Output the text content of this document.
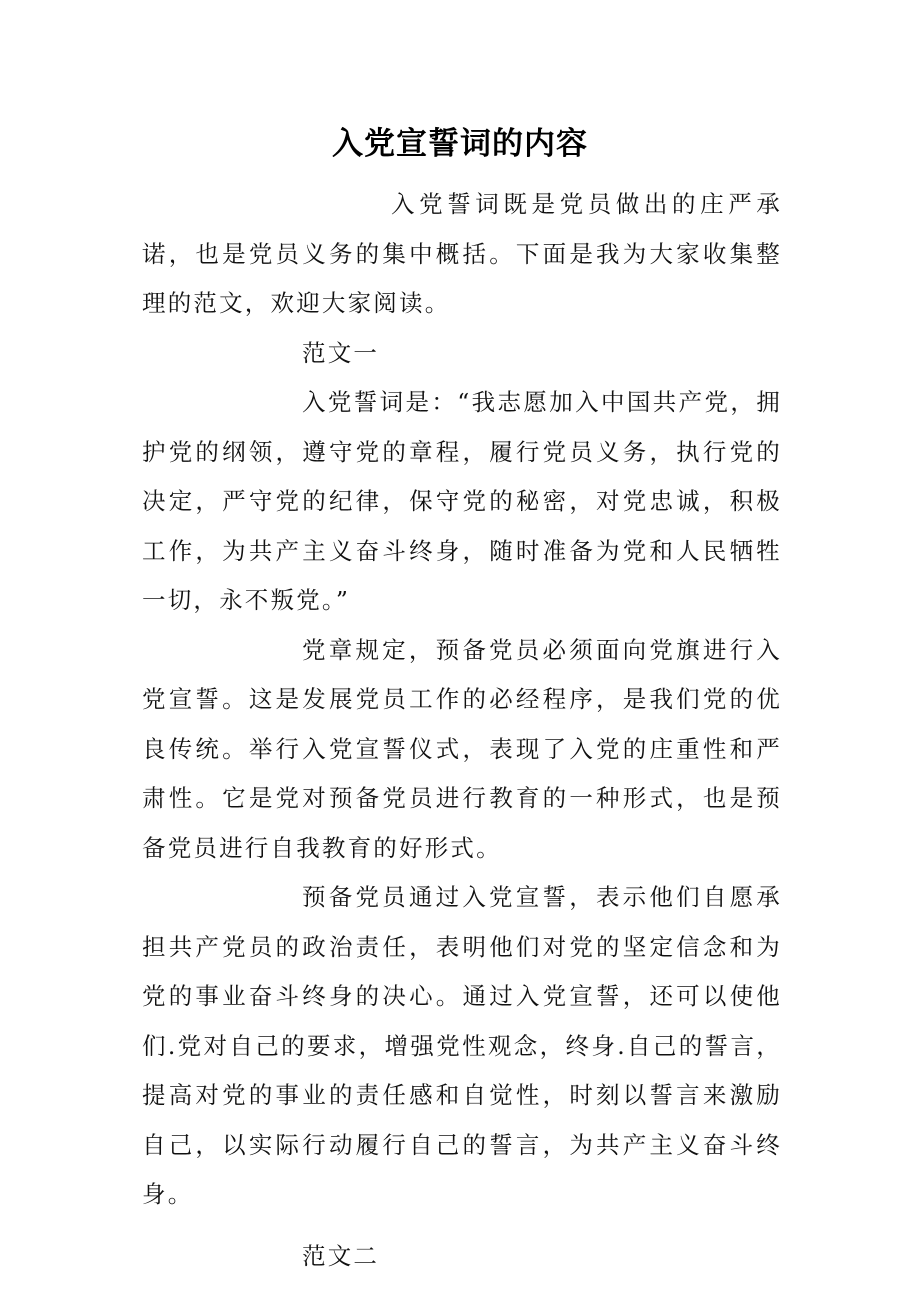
入党宣誓词的内容

入党誓词既是党员做出的庄严承诺，也是党员义务的集中概括。下面是我为大家收集整理的范文，欢迎大家阅读。

范文一

入党誓词是：“我志愿加入中国共产党，拥护党的纲领，遵守党的章程，履行党员义务，执行党的决定，严守党的纪律，保守党的秘密，对党忠诚，积极工作，为共产主义奋斗终身，随时准备为党和人民牺牲一切，永不叛党。”

党章规定，预备党员必须面向党旗进行入党宣誓。这是发展党员工作的必经程序，是我们党的优良传统。举行入党宣誓仪式，表现了入党的庄重性和严肃性。它是党对预备党员进行教育的一种形式，也是预备党员进行自我教育的好形式。

预备党员通过入党宣誓，表示他们自愿承担共产党员的政治责任，表明他们对党的坚定信念和为党的事业奋斗终身的决心。通过入党宣誓，还可以使他们.党对自己的要求，增强党性观念，终身.自己的誓言，提高对党的事业的责任感和自觉性，时刻以誓言来激励自己，以实际行动履行自己的誓言，为共产主义奋斗终身。

范文二
